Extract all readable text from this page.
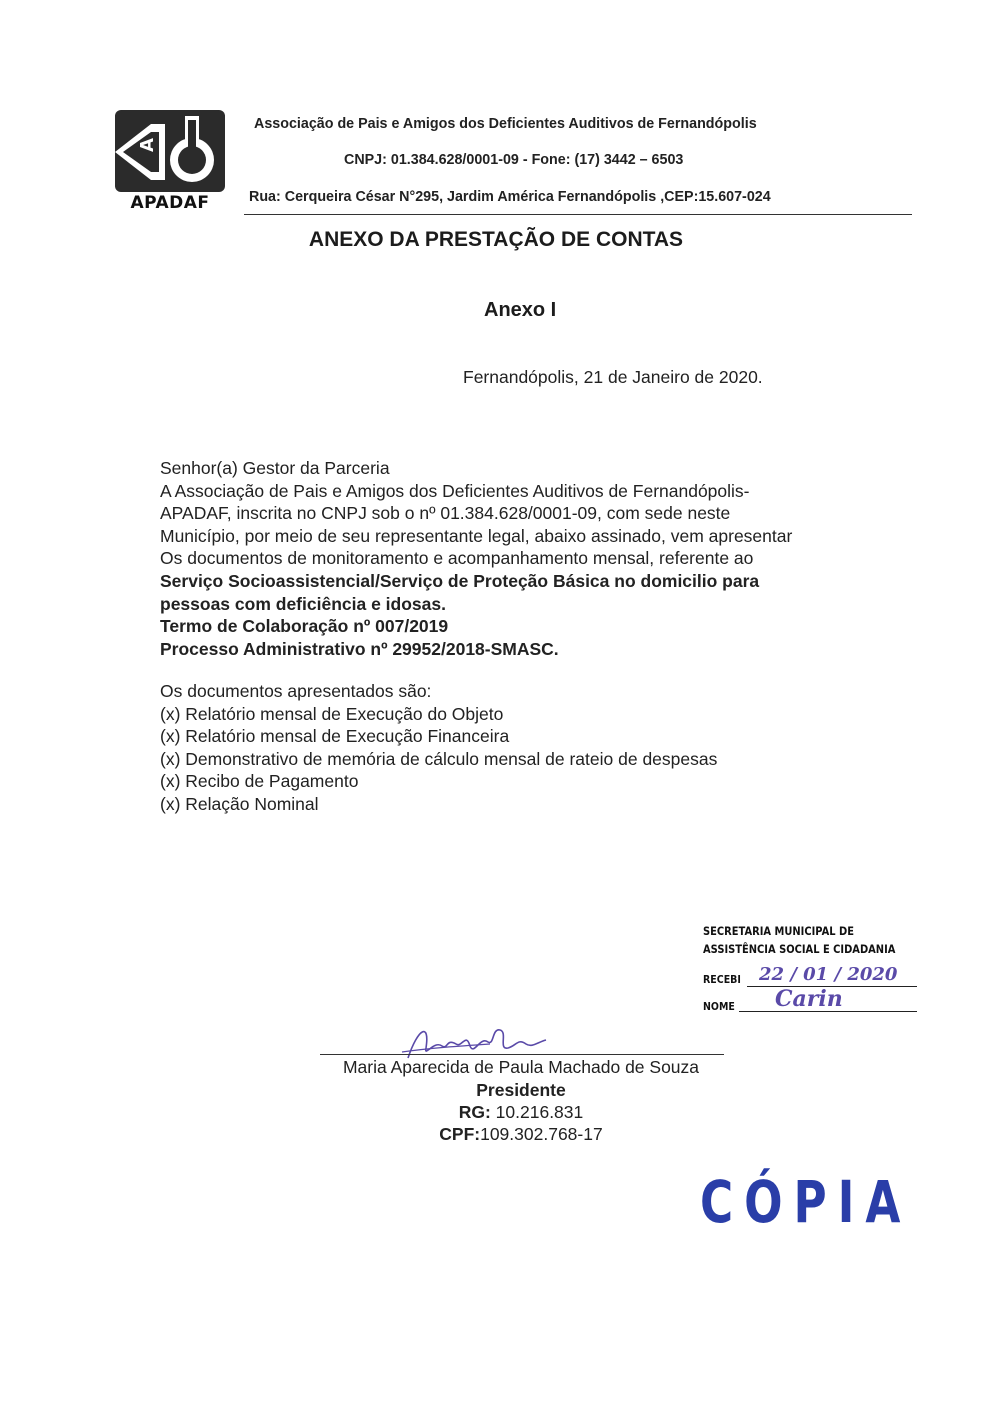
A
APADAF
Associação de Pais e Amigos dos Deficientes Auditivos de Fernandópolis
CNPJ: 01.384.628/0001-09 - Fone: (17) 3442 – 6503
Rua: Cerqueira César N°295, Jardim América Fernandópolis ,CEP:15.607-024
ANEXO DA PRESTAÇÃO DE CONTAS
Anexo I
Fernandópolis, 21 de Janeiro de 2020.
Senhor(a) Gestor da Parceria
A Associação de Pais e Amigos dos Deficientes Auditivos de Fernandópolis-
APADAF, inscrita no CNPJ sob o nº 01.384.628/0001-09, com sede neste
Município, por meio de seu representante legal, abaixo assinado, vem apresentar
Os documentos de monitoramento e acompanhamento mensal, referente ao
Serviço Socioassistencial/Serviço de Proteção Básica no domicilio para
pessoas com deficiência e idosas.
Termo de Colaboração nº 007/2019
Processo Administrativo nº 29952/2018-SMASC.
Os documentos apresentados são:
(x) Relatório mensal de Execução do Objeto
(x) Relatório mensal de Execução Financeira
(x) Demonstrativo de memória de cálculo mensal de rateio de despesas
(x) Recibo de Pagamento
(x) Relação Nominal
SECRETARIA MUNICIPAL DE
ASSISTÊNCIA SOCIAL E CIDADANIA
RECEBI 22 / 01 / 2020
NOME Carin
Maria Aparecida de Paula Machado de Souza
Presidente
RG: 10.216.831
CPF:109.302.768-17
CÓPIA
